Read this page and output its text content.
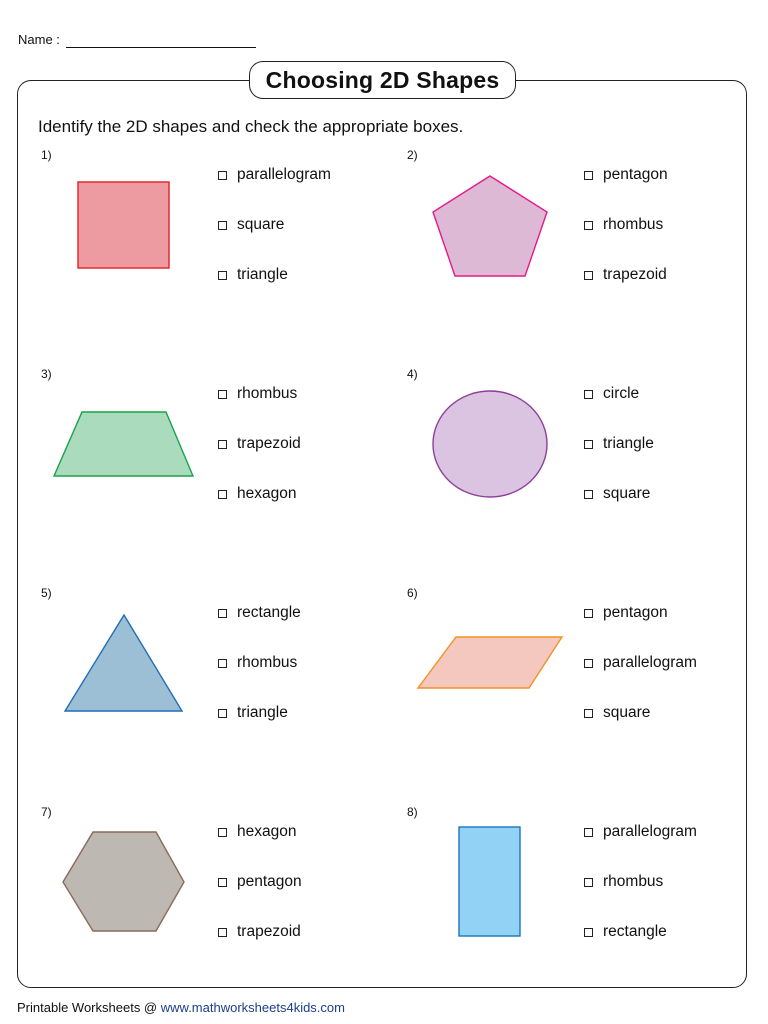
Name :
Choosing 2D Shapes
Identify the 2D shapes and check the appropriate boxes.
1)
parallelogram
square
triangle
2)
pentagon
rhombus
trapezoid
3)
rhombus
trapezoid
hexagon
4)
circle
triangle
square
5)
rectangle
rhombus
triangle
6)
pentagon
parallelogram
square
7)
hexagon
pentagon
trapezoid
8)
parallelogram
rhombus
rectangle
Printable Worksheets @ www.mathworksheets4kids.com
